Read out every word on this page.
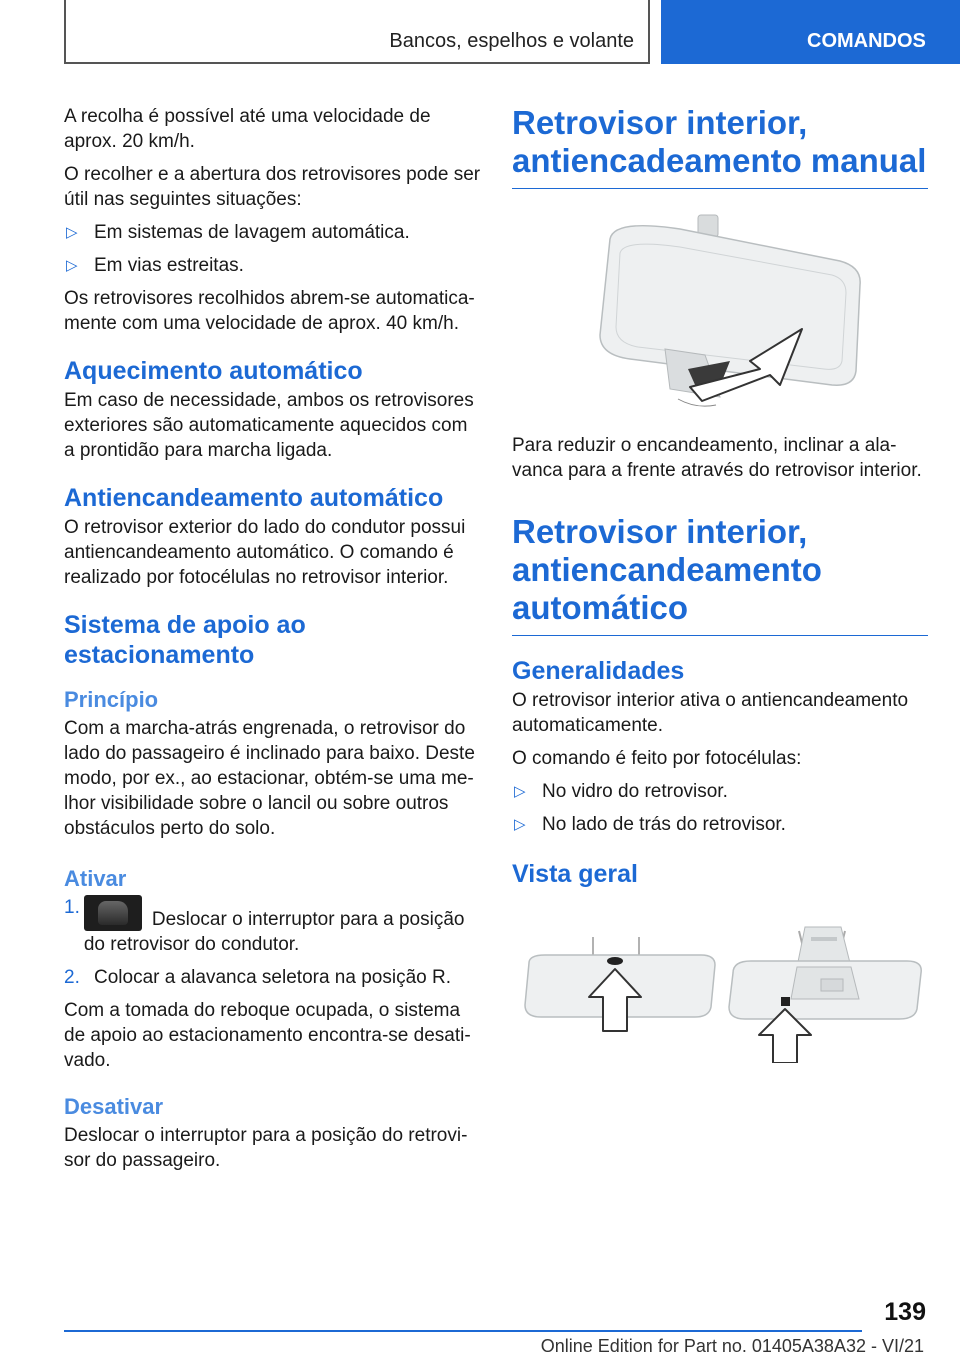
Bancos, espelhos e volante	COMANDOS

A recolha é possível até uma velocidade de aprox. 20 km/h.

O recolher e a abertura dos retrovisores pode ser útil nas seguintes situações:

▷ Em sistemas de lavagem automática.
▷ Em vias estreitas.

Os retrovisores recolhidos abrem-se automatica-mente com uma velocidade de aprox. 40 km/h.

Aquecimento automático

Em caso de necessidade, ambos os retrovisores exteriores são automaticamente aquecidos com a prontidão para marcha ligada.

Antiencandeamento automático

O retrovisor exterior do lado do condutor possui antiencandeamento automático. O comando é realizado por fotocélulas no retrovisor interior.

Sistema de apoio ao estacionamento
Princípio

Com a marcha-atrás engrenada, o retrovisor do lado do passageiro é inclinado para baixo. Deste modo, por ex., ao estacionar, obtém-se uma me-lhor visibilidade sobre o lancil ou sobre outros obstáculos perto do solo.

Ativar
1.
Deslocar o interruptor para a posição do retrovisor do condutor.
2. Colocar a alavanca seletora na posição R.

Com a tomada do reboque ocupada, o sistema de apoio ao estacionamento encontra-se desati-vado.

Desativar

Deslocar o interruptor para a posição do retrovi-sor do passageiro.

Retrovisor interior, antiencadeamento manual

Para reduzir o encandeamento, inclinar a ala-vanca para a frente através do retrovisor interior.

Retrovisor interior, antiencandeamento automático
Generalidades

O retrovisor interior ativa o antiencandeamento automaticamente.

O comando é feito por fotocélulas:

▷ No vidro do retrovisor.
▷ No lado de trás do retrovisor.
Vista geral
139
Online Edition for Part no. 01405A38A32 - VI/21
